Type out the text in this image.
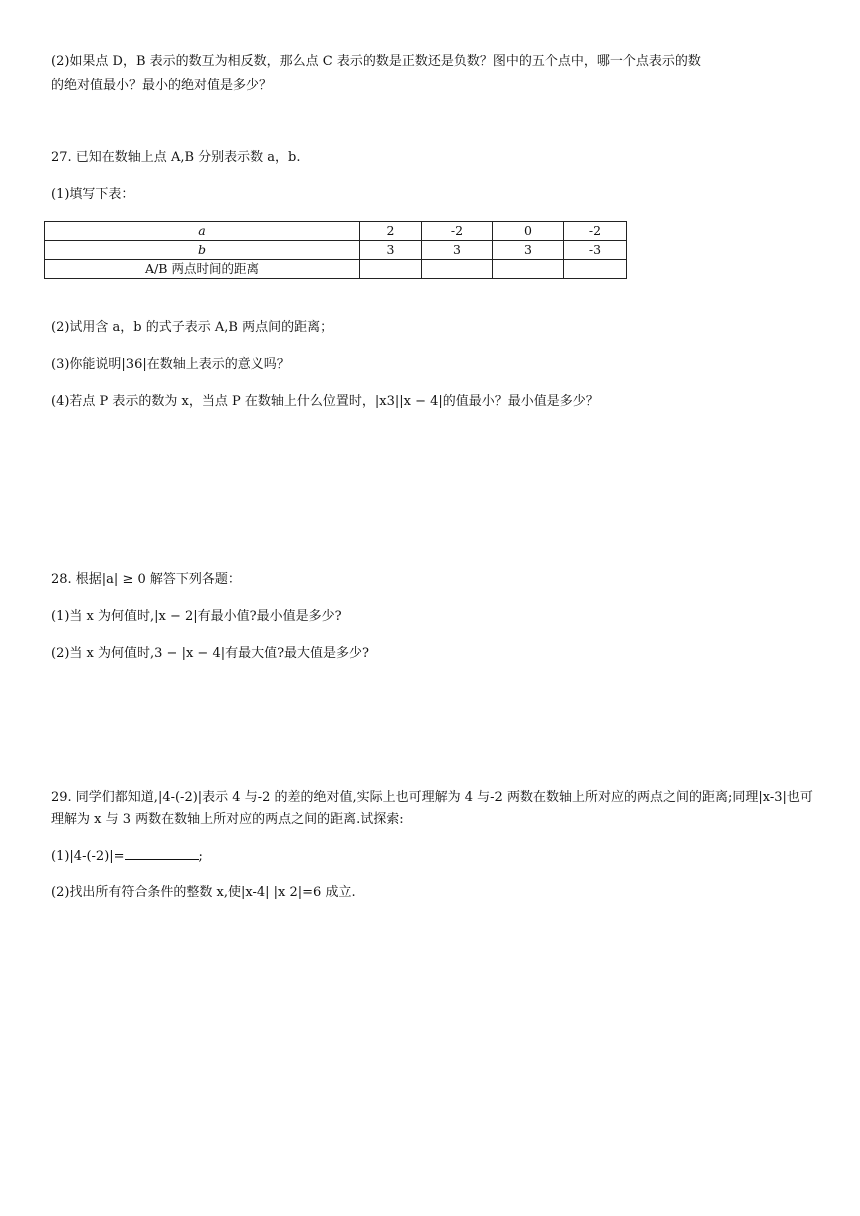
(2)如果点 D，B 表示的数互为相反数，那么点 C 表示的数是正数还是负数？图中的五个点中，哪一个点表示的数
的绝对值最小？最小的绝对值是多少？
27. 已知在数轴上点 A,B 分别表示数 a，b.
(1)填写下表：
a	2	-2	0	-2
b	3	3	3	-3
A/B 两点时间的距离				
(2)试用含 a，b 的式子表示 A,B 两点间的距离；
(3)你能说明|36|在数轴上表示的意义吗？
(4)若点 P 表示的数为 x，当点 P 在数轴上什么位置时，|x3||x − 4|的值最小？最小值是多少？
28. 根据|a| ≥ 0 解答下列各题：
(1)当 x 为何值时,|x − 2|有最小值?最小值是多少?
(2)当 x 为何值时,3 − |x − 4|有最大值?最大值是多少?
29. 同学们都知道,|4-(-2)|表示 4 与-2 的差的绝对值,实际上也可理解为 4 与-2 两数在数轴上所对应的两点之间的距离;同理|x-3|也可理解为 x 与 3 两数在数轴上所对应的两点之间的距离.试探索:
(1)|4-(-2)|=	;
(2)找出所有符合条件的整数 x,使|x-4| |x 2|=6 成立.
